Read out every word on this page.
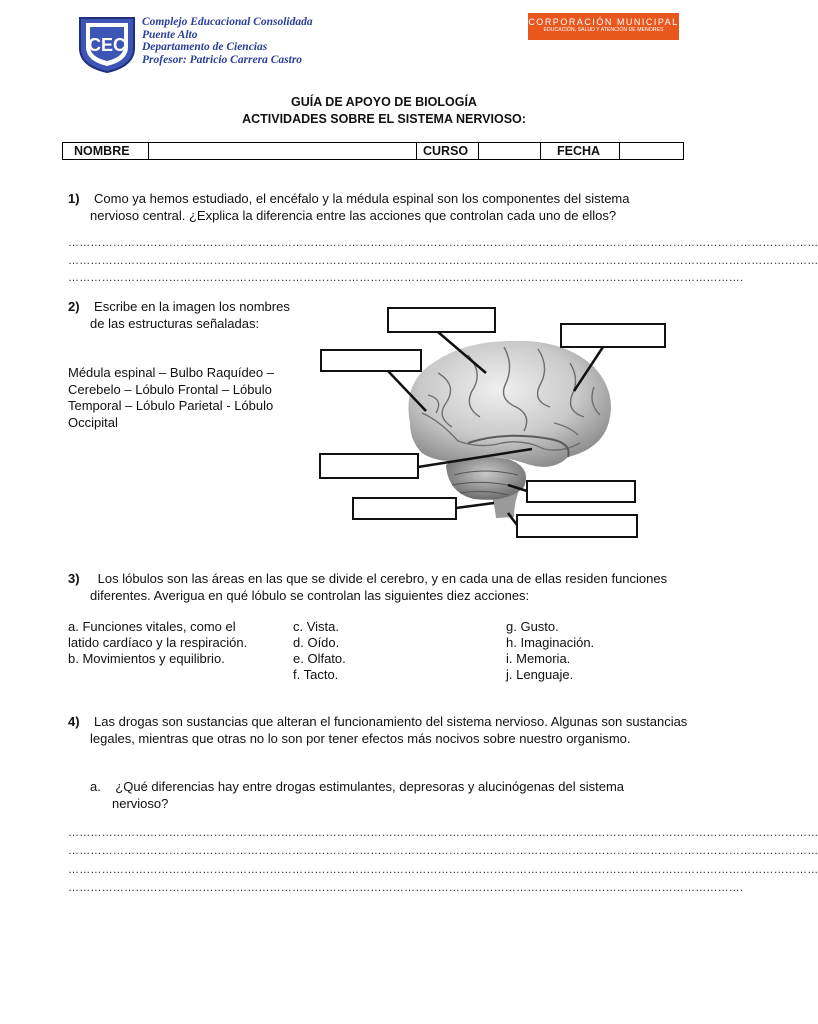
CEC
Complejo Educacional Consolidada
Puente Alto
Departamento de Ciencias
Profesor: Patricio Carrera Castro
CORPORACIÓN MUNICIPAL
EDUCACIÓN, SALUD Y ATENCIÓN DE MENORES
GUÍA DE APOYO DE BIOLOGÍA
ACTIVIDADES SOBRE EL SISTEMA NERVIOSO:
NOMBRE	CURSO	FECHA
1) Como ya hemos estudiado, el encéfalo y la médula espinal son los componentes del sistema nervioso central. ¿Explica la diferencia entre las acciones que controlan cada uno de ellos?
…………………………………………………………………………………………………………………………………………………………………………………
…………………………………………………………………………………………………………………………………………………………………………………
……………………………………………………………………………………………………………………………………………………………….
2)    Escribe en la imagen los nombres de las estructuras señaladas:
Médula espinal – Bulbo Raquídeo – Cerebelo – Lóbulo Frontal – Lóbulo Temporal – Lóbulo Parietal - Lóbulo Occipital
3)     Los lóbulos son las áreas en las que se divide el cerebro, y en cada una de ellas residen funciones diferentes. Averigua en qué lóbulo se controlan las siguientes diez acciones:
a. Funciones vitales, como el latido cardíaco y la respiración.
b. Movimientos y equilibrio.
c. Vista.
d. Oído.
e. Olfato.
f. Tacto.
g. Gusto.
h. Imaginación.
i. Memoria.
j. Lenguaje.
4) Las drogas son sustancias que alteran el funcionamiento del sistema nervioso. Algunas son sustancias legales, mientras que otras no lo son por tener efectos más nocivos sobre nuestro organismo.
a. ¿Qué diferencias hay entre drogas estimulantes, depresoras y alucinógenas del sistema nervioso?
…………………………………………………………………………………………………………………………………………………………………………………
…………………………………………………………………………………………………………………………………………………………………………………
…………………………………………………………………………………………………………………………………………………………………………………
……………………………………………………………………………………………………………………………………………………………….
